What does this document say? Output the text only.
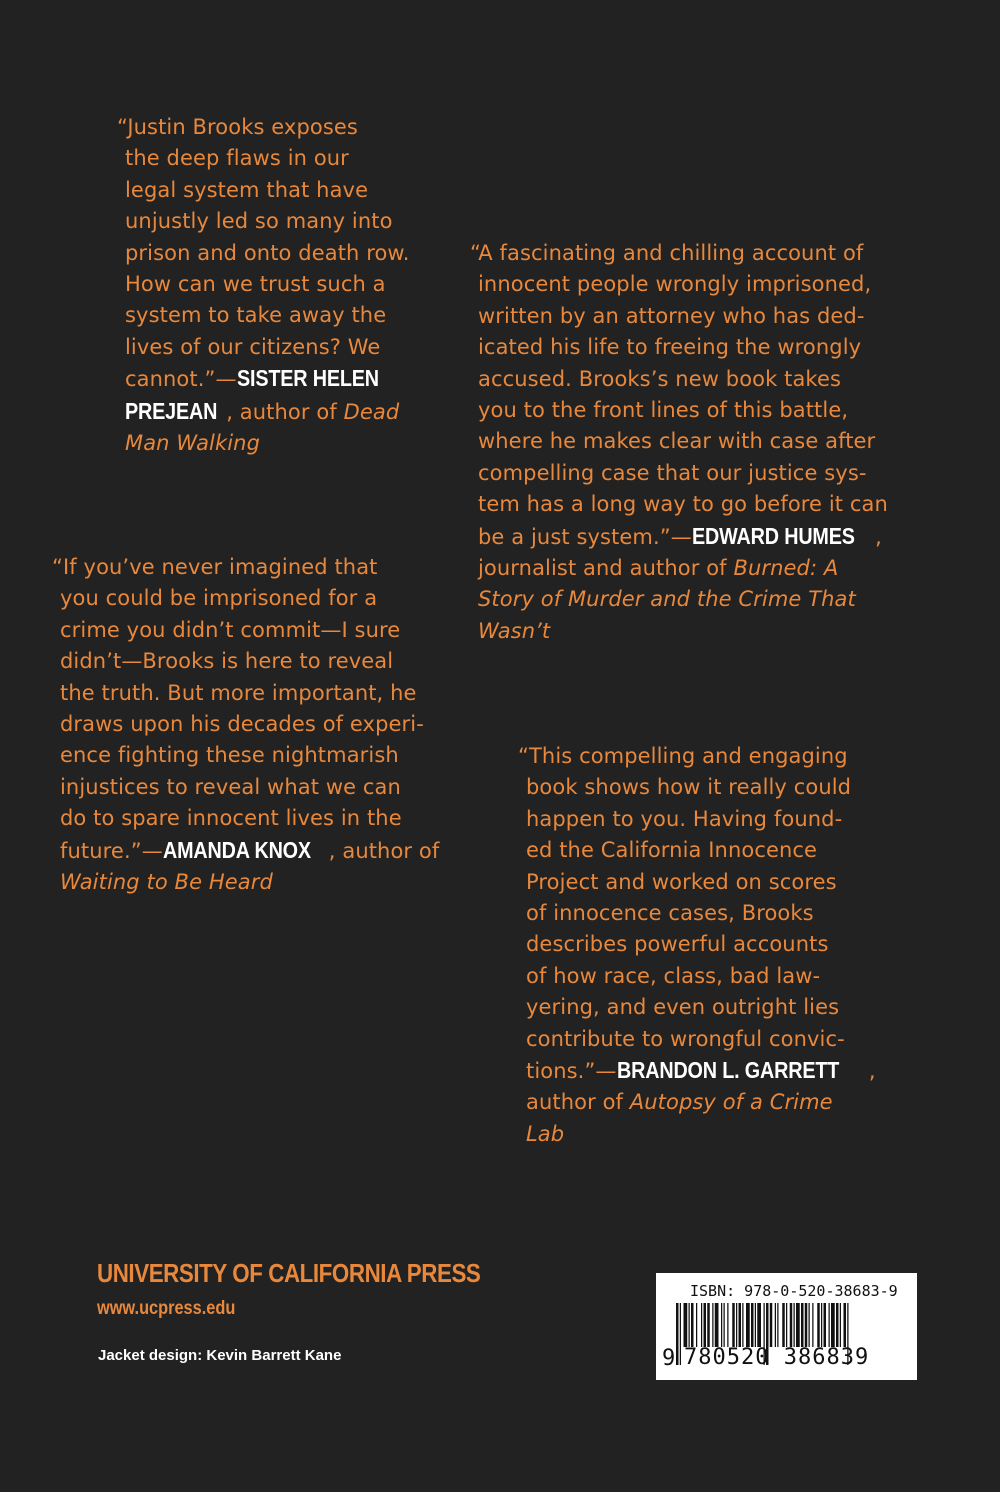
“Justin Brooks exposes
the deep flaws in our
legal system that have
unjustly led so many into
prison and onto death row.
How can we trust such a
system to take away the
lives of our citizens? We
cannot.”—SISTER HELEN
PREJEAN , author of Dead
Man Walking
“A fascinating and chilling account of
innocent people wrongly imprisoned,
written by an attorney who has ded-
icated his life to freeing the wrongly
accused. Brooks’s new book takes
you to the front lines of this battle,
where he makes clear with case after
compelling case that our justice sys-
tem has a long way to go before it can
be a just system.”—EDWARD HUMES ,
journalist and author of Burned: A
Story of Murder and the Crime That
Wasn’t
“If you’ve never imagined that
you could be imprisoned for a
crime you didn’t commit—I sure
didn’t—Brooks is here to reveal
the truth. But more important, he
draws upon his decades of experi-
ence fighting these nightmarish
injustices to reveal what we can
do to spare innocent lives in the
future.”—AMANDA KNOX , author of
Waiting to Be Heard
“This compelling and engaging
book shows how it really could
happen to you. Having found-
ed the California Innocence
Project and worked on scores
of innocence cases, Brooks
describes powerful accounts
of how race, class, bad law-
yering, and even outright lies
contribute to wrongful convic-
tions.”—BRANDON L. GARRETT ,
author of Autopsy of a Crime
Lab
UNIVERSITY OF CALIFORNIA PRESS
www.ucpress.edu
Jacket design: Kevin Barrett Kane
ISBN: 978-0-520-38683-9
9 780520 386839
